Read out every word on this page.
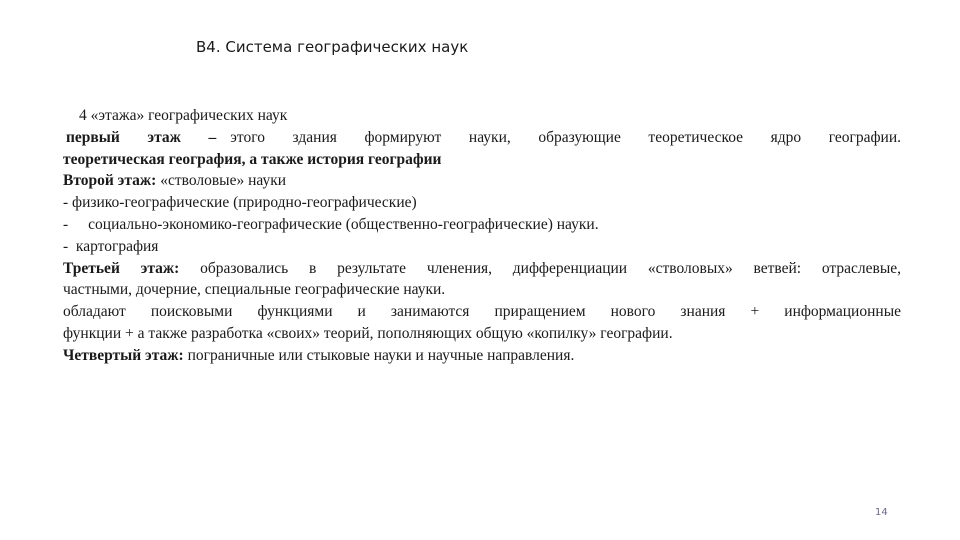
В4. Система географических наук
4 «этажа» географических наук
первый этаж – этого здания формируют науки, образующие теоретическое ядро географии.
теоретическая география, а также история географии
Второй этаж: «стволовые» науки
- физико-географические (природно-географические)
- социально-экономико-географические (общественно-географические) науки.
- картография
Третьей этаж: образовались в результате членения, дифференциации «стволовых» ветвей: отраслевые,
частными, дочерние, специальные географические науки.
обладают поисковыми функциями и занимаются приращением нового знания + информационные
функции + а также разработка «своих» теорий, пополняющих общую «копилку» географии.
Четвертый этаж: пограничные или стыковые науки и научные направления.
14
